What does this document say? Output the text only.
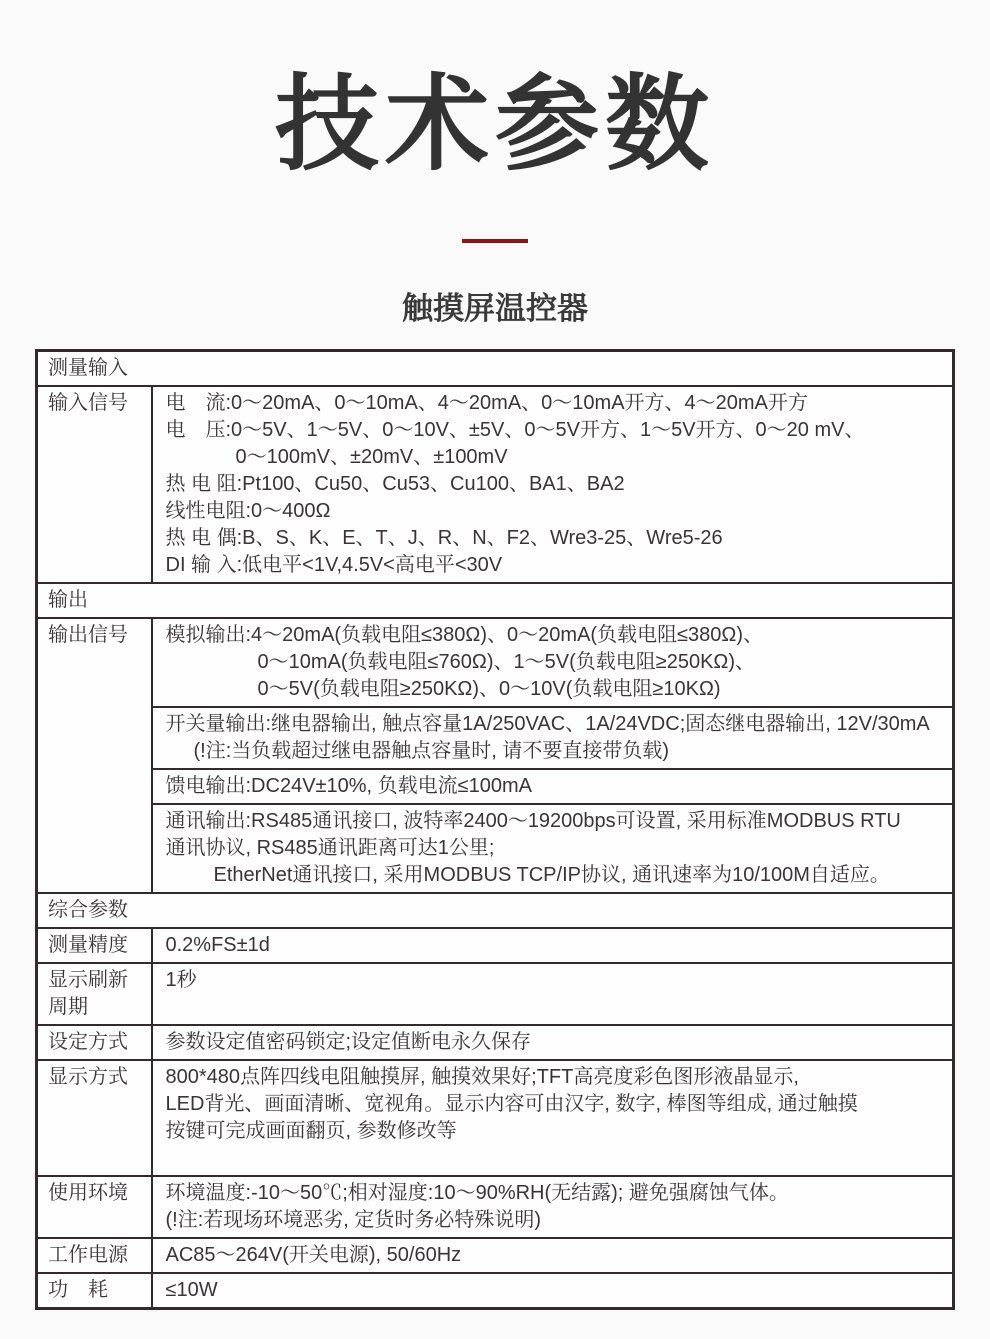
技术参数
触摸屏温控器
测量输入	
输入信号	电　流:0～20mA、0～10mA、4～20mA、0～10mA开方、4～20mA开方
电　压:0～5V、1～5V、0～10V、±5V、0～5V开方、1～5V开方、0～20 mV、
0～100mV、±20mV、±100mV
热 电 阻:Pt100、Cu50、Cu53、Cu100、BA1、BA2
线性电阻:0～400Ω
热 电 偶:B、S、K、E、T、J、R、N、F2、Wre3-25、Wre5-26
DI 输 入:低电平<1V,4.5V<高电平<30V

输出	
输出信号	模拟输出:4～20mA(负载电阻≤380Ω)、0～20mA(负载电阻≤380Ω)、
0～10mA(负载电阻≤760Ω)、1～5V(负载电阻≥250KΩ)、
0～5V(负载电阻≥250KΩ)、0～10V(负载电阻≥10KΩ)

	开关量输出:继电器输出, 触点容量1A/250VAC、1A/24VDC;固态继电器输出, 12V/30mA
(!注:当负载超过继电器触点容量时, 请不要直接带负载)

	馈电输出:DC24V±10%, 负载电流≤100mA

	通讯输出:RS485通讯接口, 波特率2400～19200bps可设置, 采用标准MODBUS RTU
通讯协议, RS485通讯距离可达1公里;
EtherNet通讯接口, 采用MODBUS TCP/IP协议, 通讯速率为10/100M自适应。

综合参数	
测量精度	0.2%FS±1d
显示刷新周期	1秒
设定方式	参数设定值密码锁定;设定值断电永久保存
显示方式	800*480点阵四线电阻触摸屏, 触摸效果好;TFT高亮度彩色图形液晶显示,
LED背光、画面清晰、宽视角。显示内容可由汉字, 数字, 棒图等组成, 通过触摸
按键可完成画面翻页, 参数修改等

使用环境	环境温度:-10～50℃;相对湿度:10～90%RH(无结露); 避免强腐蚀气体。
(!注:若现场环境恶劣, 定货时务必特殊说明)

工作电源	AC85～264V(开关电源), 50/60Hz
功　耗	≤10W
